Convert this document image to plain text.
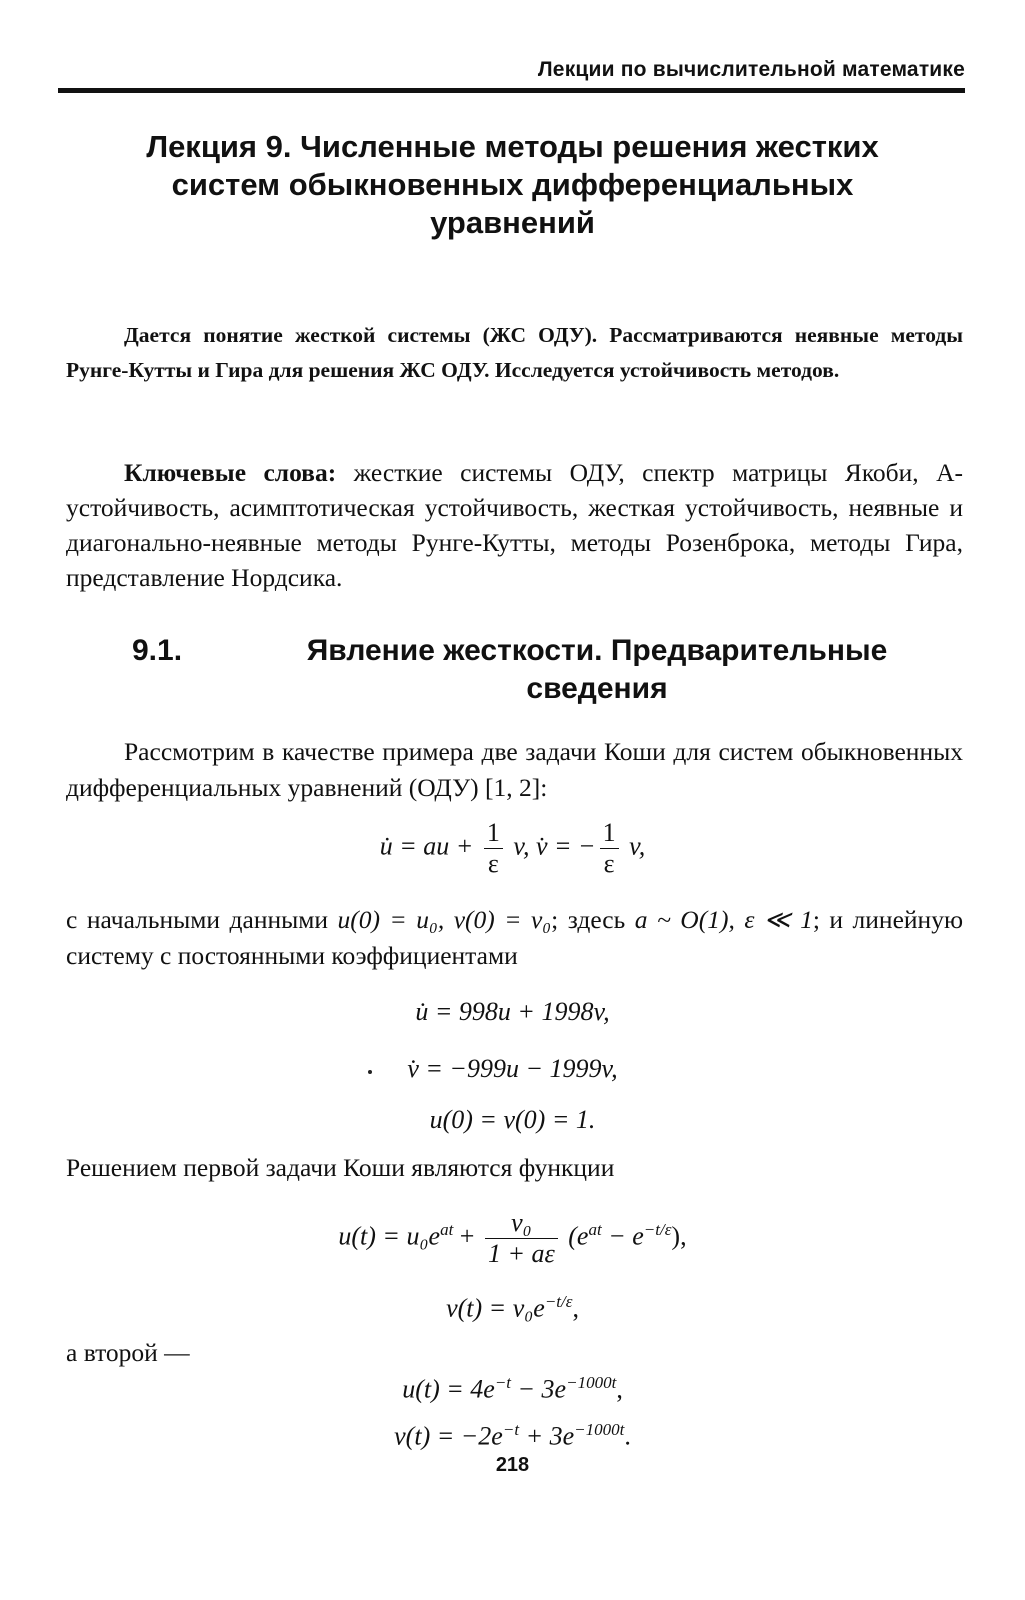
Лекции по вычислительной математике
Лекция 9. Численные методы решения жестких
систем обыкновенных дифференциальных
уравнений

Дается понятие жесткой системы (ЖС ОДУ). Рассматриваются неявные методы Рунге-Кутты и Гира для решения ЖС ОДУ. Исследуется устойчивость методов.

Ключевые слова: жесткие системы ОДУ, спектр матрицы Якоби, А-устойчивость, асимптотическая устойчивость, жесткая устойчивость, неявные и диагонально-неявные методы Рунге-Кутты, методы Розенброка, методы Гира, представление Нордсика.

9.1.	Явление жесткости. Предварительные
сведения

Рассмотрим в качестве примера две задачи Коши для систем обыкновенных дифференциальных уравнений (ОДУ) [1, 2]:

u̇ = au + $\frac{1}{\varepsilon} v$, v̇ = − $\frac{1}{\varepsilon} v$,

с начальными данными u(0) = u₀, v(0) = v₀; здесь a ~ O(1), ε ≪ 1; и линейную систему с постоянными коэффициентами

u̇ = 998u + 1998v,
v̇ = −999u − 1999v,
u(0) = v(0) = 1.

Решением первой задачи Коши являются функции

$u(t) = u_0e^{at} + \frac{\text{v₀}}{1 + a\varepsilon} (e^{at} - e^{-t/\varepsilon})$,
$v(t) = v_0e^{-t/\varepsilon}$,

а второй —

$u(t) = 4e^{-t} - 3e^{-1000t}$,
$v(t) = -2e^{-t} + 3e^{-1000t}$.
218
